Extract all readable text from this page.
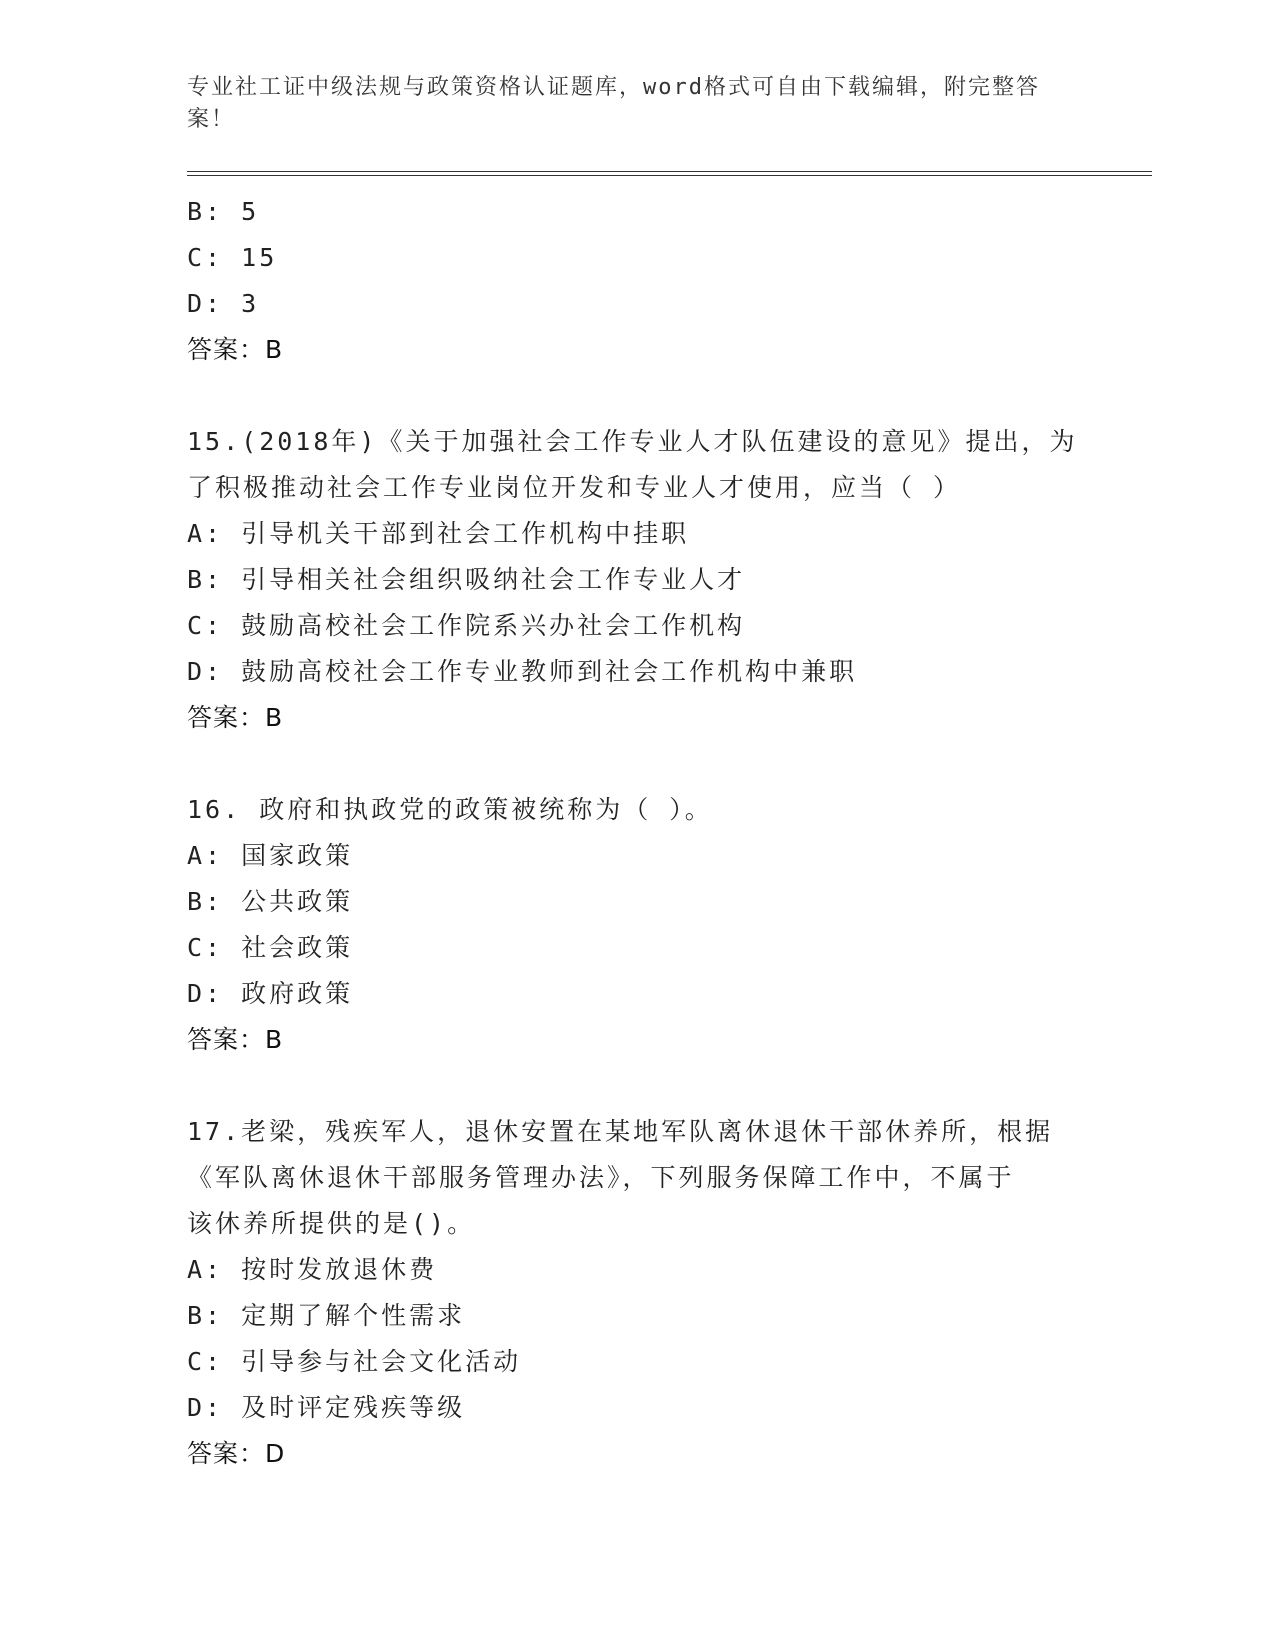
专业社工证中级法规与政策资格认证题库，word格式可自由下载编辑，附完整答案！
B: 5
C: 15
D: 3
答案：B
15.(2018年)《关于加强社会工作专业人才队伍建设的意见》提出，为
了积极推动社会工作专业岗位开发和专业人才使用，应当（ ）
A: 引导机关干部到社会工作机构中挂职
B: 引导相关社会组织吸纳社会工作专业人才
C: 鼓励高校社会工作院系兴办社会工作机构
D: 鼓励高校社会工作专业教师到社会工作机构中兼职
答案：B
16. 政府和执政党的政策被统称为（ ）。
A: 国家政策
B: 公共政策
C: 社会政策
D: 政府政策
答案：B
17.老梁，残疾军人，退休安置在某地军队离休退休干部休养所，根据
《军队离休退休干部服务管理办法》，下列服务保障工作中，不属于
该休养所提供的是()。
A: 按时发放退休费
B: 定期了解个性需求
C: 引导参与社会文化活动
D: 及时评定残疾等级
答案：D
